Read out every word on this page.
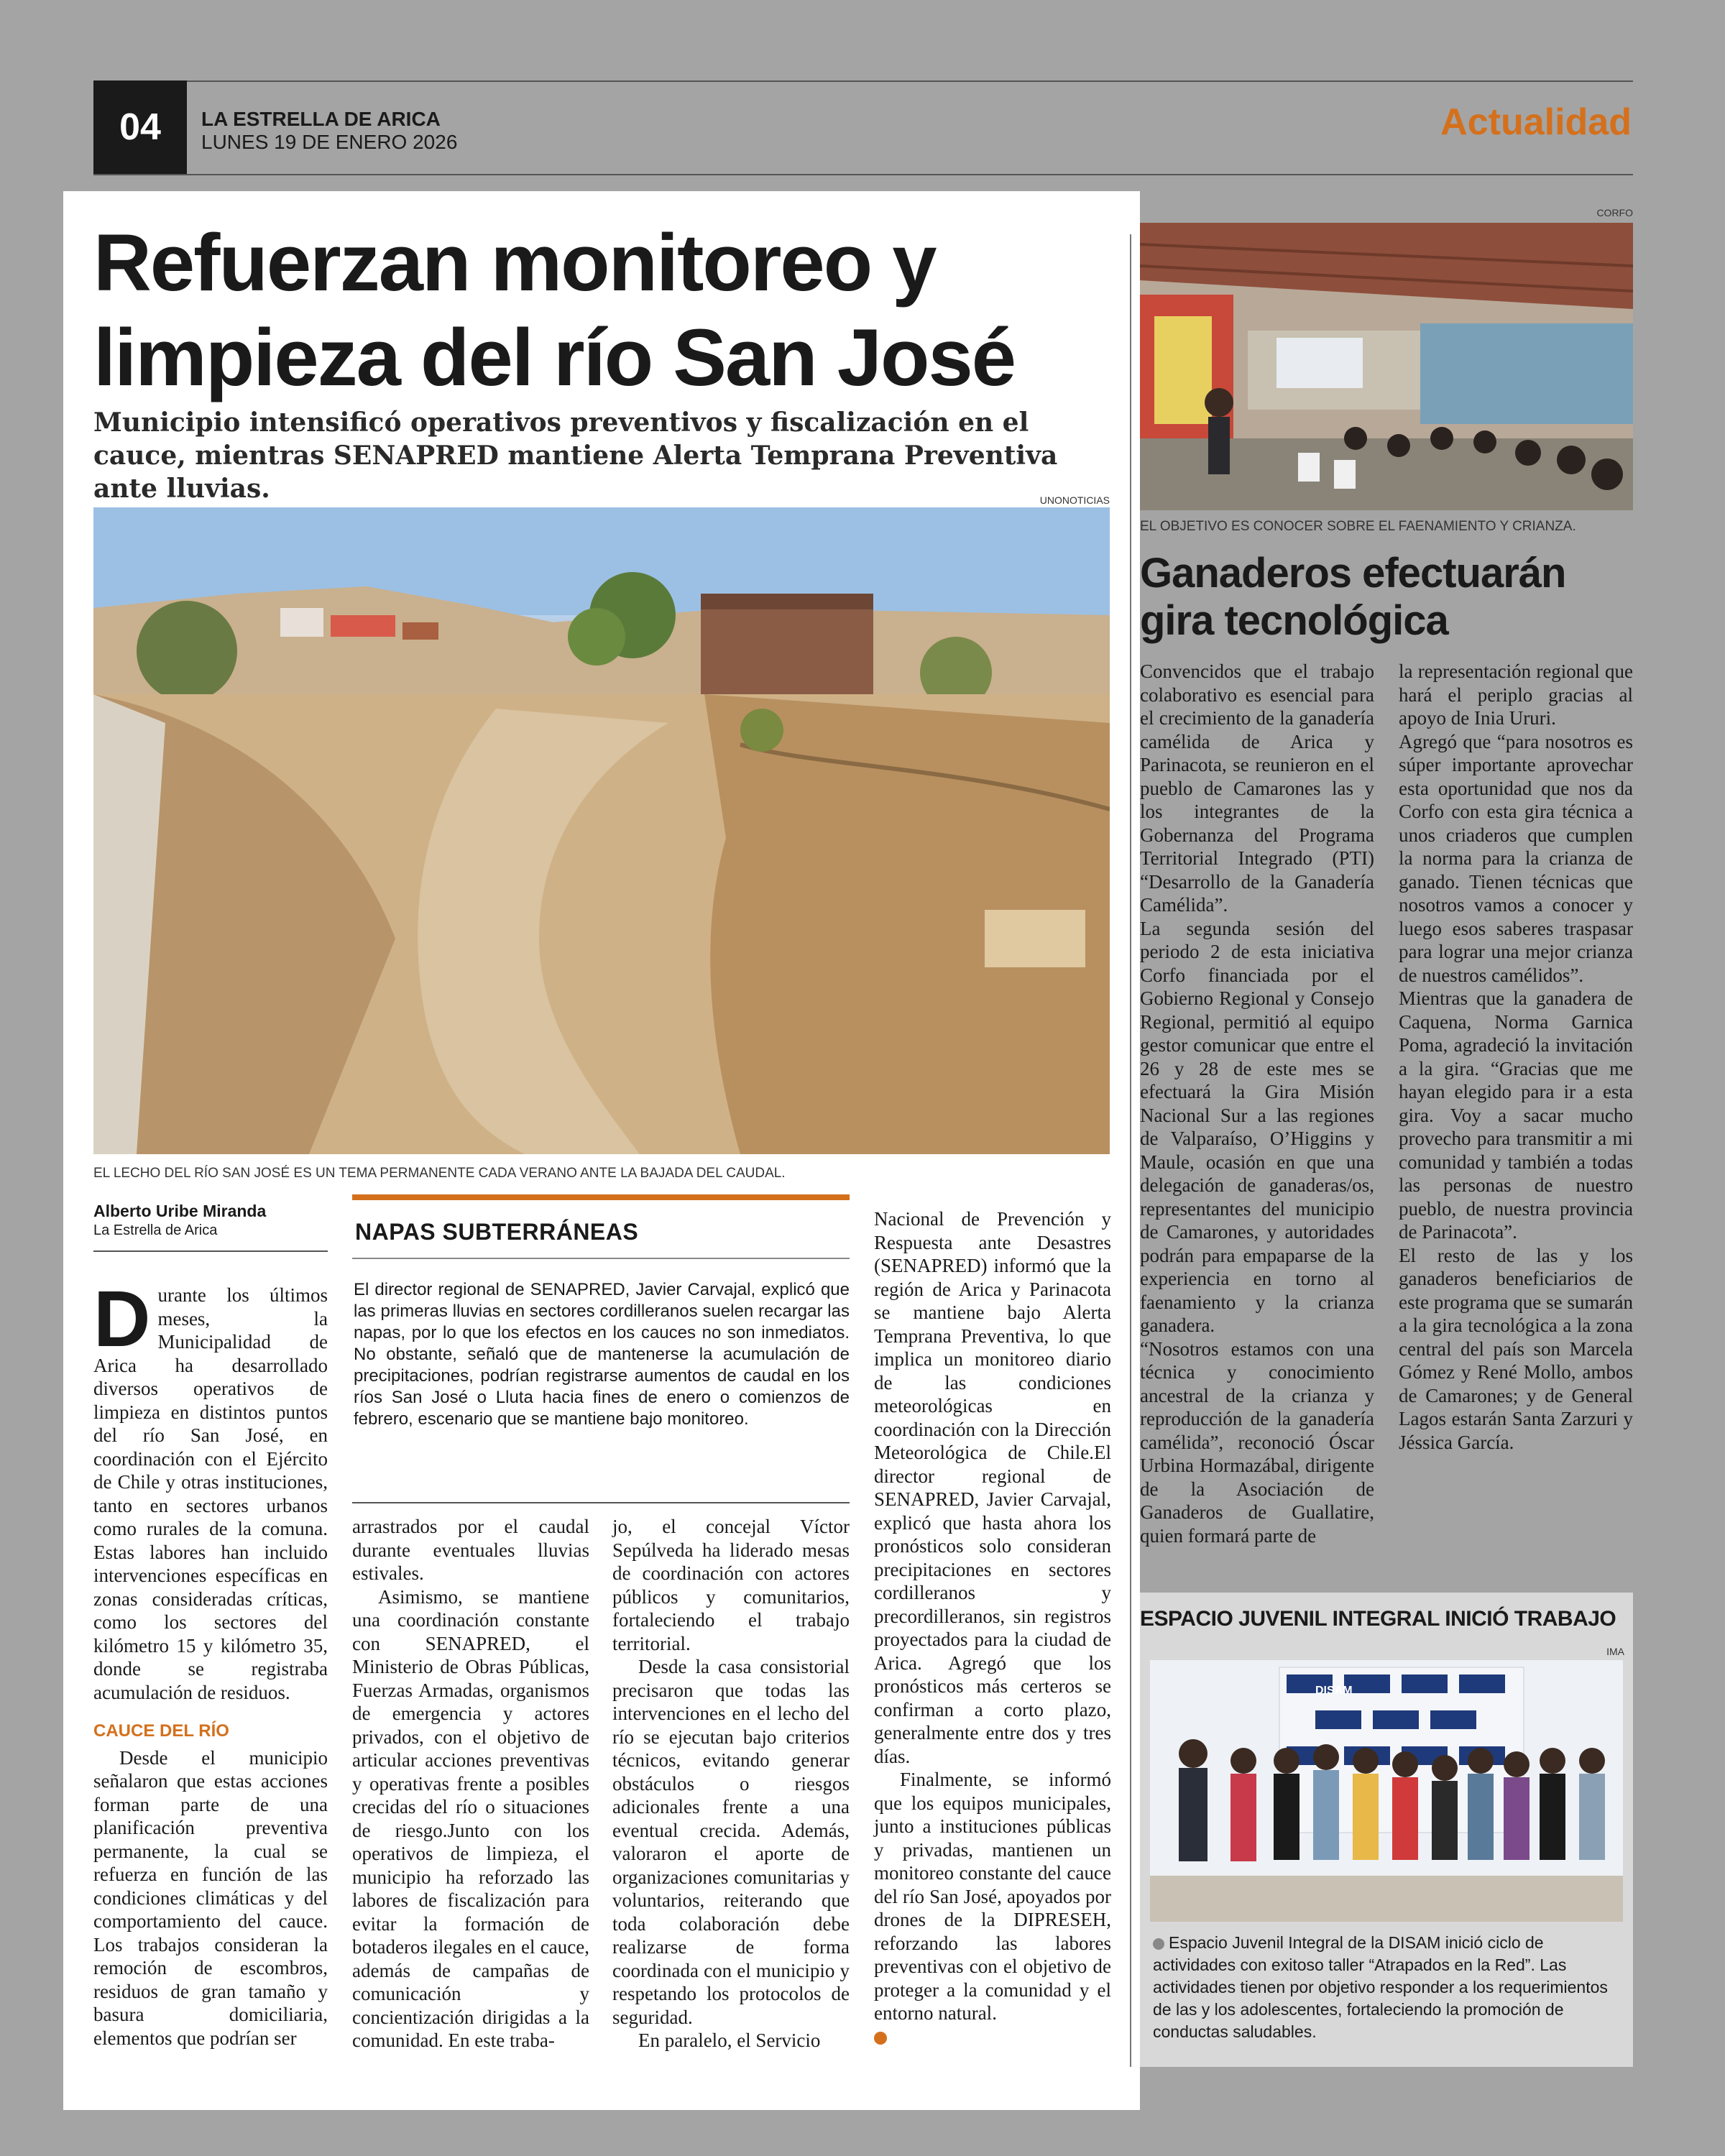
04	LA ESTRELLA DE ARICA
LUNES 19 DE ENERO 2026	Actualidad
Refuerzan monitoreo y
limpieza del río San José
Municipio intensificó operativos preventivos y fiscalización en el cauce, mientras SENAPRED mantiene Alerta Temprana Preventiva ante lluvias.	UNONOTICIAS
EL LECHO DEL RÍO SAN JOSÉ ES UN TEMA PERMANENTE CADA VERANO ANTE LA BAJADA DEL CAUDAL.
Alberto Uribe Miranda
La Estrella de Arica

Durante los últimos meses, la Municipalidad de Arica ha desarrollado diversos operativos de limpieza en distintos puntos del río San José, en coordinación con el Ejército de Chile y otras instituciones, tanto en sectores urbanos como rurales de la comuna. Estas labores han incluido intervenciones específicas en zonas consideradas críticas, como los sectores del kilómetro 15 y kilómetro 35, donde se registraba acumulación de residuos.

CAUCE DEL RÍO

Desde el municipio señalaron que estas acciones forman parte de una planificación preventiva permanente, la cual se refuerza en función de las condiciones climáticas y del comportamiento del cauce. Los trabajos consideran la remoción de escombros, residuos de gran tamaño y basura domiciliaria, elementos que podrían ser

NAPAS SUBTERRÁNEAS
El director regional de SENAPRED, Javier Carvajal, explicó que las primeras lluvias en sectores cordilleranos suelen recargar las napas, por lo que los efectos en los cauces no son inmediatos. No obstante, señaló que de mantenerse la acumulación de precipitaciones, podrían registrarse aumentos de caudal en los ríos San José o Lluta hacia fines de enero o comienzos de febrero, escenario que se mantiene bajo monitoreo.

arrastrados por el caudal durante eventuales lluvias estivales.

Asimismo, se mantiene una coordinación constante con SENAPRED, el Ministerio de Obras Públicas, Fuerzas Armadas, organismos de emergencia y actores privados, con el objetivo de articular acciones preventivas y operativas frente a posibles crecidas del río o situaciones de riesgo.Junto con los operativos de limpieza, el municipio ha reforzado las labores de fiscalización para evitar la formación de botaderos ilegales en el cauce, además de campañas de comunicación y concientización dirigidas a la comunidad. En este traba-

jo, el concejal Víctor Sepúlveda ha liderado mesas de coordinación con actores públicos y comunitarios, fortaleciendo el trabajo territorial.

Desde la casa consistorial precisaron que todas las intervenciones en el lecho del río se ejecutan bajo criterios técnicos, evitando generar obstáculos o riesgos adicionales frente a una eventual crecida. Además, valoraron el aporte de organizaciones comunitarias y voluntarios, reiterando que toda colaboración debe realizarse de forma coordinada con el municipio y respetando los protocolos de seguridad.

En paralelo, el Servicio

Nacional de Prevención y Respuesta ante Desastres (SENAPRED) informó que la región de Arica y Parinacota se mantiene bajo Alerta Temprana Preventiva, lo que implica un monitoreo diario de las condiciones meteorológicas en coordinación con la Dirección Meteorológica de Chile.El director regional de SENAPRED, Javier Carvajal, explicó que hasta ahora los pronósticos solo consideran precipitaciones en sectores cordilleranos y precordilleranos, sin registros proyectados para la ciudad de Arica. Agregó que los pronósticos más certeros se confirman a corto plazo, generalmente entre dos y tres días.

Finalmente, se informó que los equipos municipales, junto a instituciones públicas y privadas, mantienen un monitoreo constante del cauce del río San José, apoyados por drones de la DIPRESEH, reforzando las labores preventivas con el objetivo de proteger a la comunidad y el entorno natural.

CORFO
EL OBJETIVO ES CONOCER SOBRE EL FAENAMIENTO Y CRIANZA.
Ganaderos efectuarán
gira tecnológica

Convencidos que el trabajo colaborativo es esencial para el crecimiento de la ganadería camélida de Arica y Parinacota, se reunieron en el pueblo de Camarones las y los integrantes de la Gobernanza del Programa Territorial Integrado (PTI) “Desarrollo de la Ganadería Camélida”.

La segunda sesión del periodo 2 de esta iniciativa Corfo financiada por el Gobierno Regional y Consejo Regional, permitió al equipo gestor comunicar que entre el 26 y 28 de este mes se efectuará la Gira Misión Nacional Sur a las regiones de Valparaíso, O’Higgins y Maule, ocasión en que una delegación de ganaderas/os, representantes del municipio de Camarones, y autoridades podrán para empaparse de la experiencia en torno al faenamiento y la crianza ganadera.

“Nosotros estamos con una técnica y conocimiento ancestral de la crianza y reproducción de la ganadería camélida”, reconoció Óscar Urbina Hormazábal, dirigente de la Asociación de Ganaderos de Guallatire, quien formará parte de

la representación regional que hará el periplo gracias al apoyo de Inia Ururi.

Agregó que “para nosotros es súper importante aprovechar esta oportunidad que nos da Corfo con esta gira técnica a unos criaderos que cumplen la norma para la crianza de ganado. Tienen técnicas que nosotros vamos a conocer y luego esos saberes traspasar para lograr una mejor crianza de nuestros camélidos”.

Mientras que la ganadera de Caquena, Norma Garnica Poma, agradeció la invitación a la gira. “Gracias que me hayan elegido para ir a esta gira. Voy a sacar mucho provecho para transmitir a mi comunidad y también a todas las personas de nuestro pueblo, de nuestra provincia de Parinacota”.

El resto de las y los ganaderos beneficiarios de este programa que se sumarán a la gira tecnológica a la zona central del país son Marcela Gómez y René Mollo, ambos de Camarones; y de General Lagos estarán Santa Zarzuri y Jéssica García.

ESPACIO JUVENIL INTEGRAL INICIÓ TRABAJO
IMA
DISAM
Espacio Juvenil Integral de la DISAM inició ciclo de actividades con exitoso taller “Atrapados en la Red”. Las actividades tienen por objetivo responder a los requerimientos de las y los adolescentes, fortaleciendo la promoción de conductas saludables.
